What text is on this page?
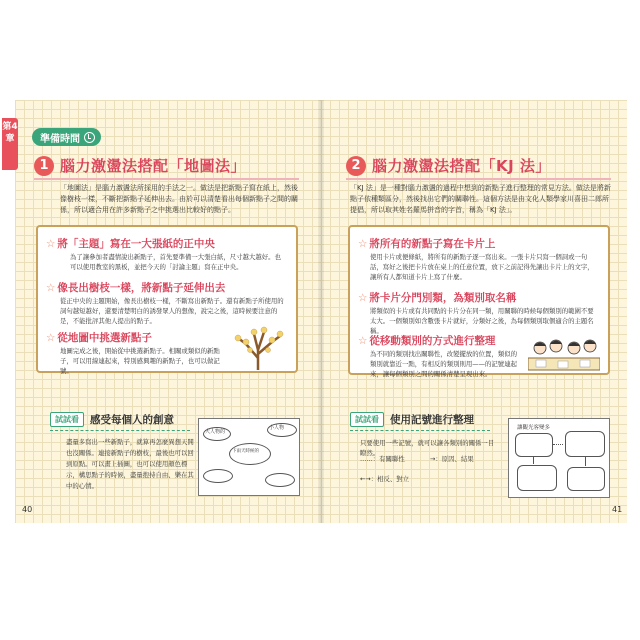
第4章	準備時間
1 腦力激盪法搭配「地圖法」
「地圖法」是腦力激盪法所採用的手法之一。做法是把新點子寫在紙上，然後像樹枝一樣，不斷把新點子延伸出去。由於可以清楚看出每個新點子之間的關係，所以適合用在許多新點子之中挑選出比較好的點子。
☆ 將「主題」寫在一大張紙的正中央
為了讓參加者盡情說出新點子，首先要準備一大張白紙，尺寸越大越好。也可以使用教室的黑板，並把今天的「討論主題」寫在正中央。
☆ 像長出樹枝一樣，將新點子延伸出去
從正中央的主題開始，像長出樹枝一樣，不斷寫出新點子。還有新點子所使用的詞句越短越好，還要清楚明白的誘發眾人的想像，說完之後，這時候要注意的是，不能批評其他人提出的點子。
☆ 從地圖中挑選新點子
地圖完成之後，開始從中挑選新點子。相關或類似的新點子，可以用線連起來，特別感興趣的新點子，也可以做記號。
試試看	感受每個人的創意
盡量多寫出一些新點子，就算再怎麼異想天開也沒關係。連接新點子的樹枝，最後也可以回到原點。可以畫上插圖，也可以使用顏色標示，構思點子的時候，盡量抱持自由、樂在其中的心情。
大人物的
小人物
下雨天時候的
40
2 腦力激盪法搭配「KJ 法」
「KJ 法」是一種對腦力激盪的過程中想到的新點子進行整理的常見方法。做法是將新點子依種類區分，然後找出它們的關聯性。這個方法是由文化人類學家川喜田二郎所提倡，所以取其姓名羅馬拼音的字首，稱為「KJ 法」。
☆ 將所有的新點子寫在卡片上
使用卡片或便條紙，將所有的新點子逐一寫出來。一張卡片只寫一個詞或一句話，寫好之後把卡片放在桌上的任意位置，放下之前記得先讓出卡片上的文字，讓所有人都知道卡片上寫了什麼。
☆ 將卡片分門別類，為類別取名稱
將類似的卡片或有共同點的卡片分在同一類，用關聯的時候每個類別的範圍不要太大。一個類別如含數張卡片就好，分類好之後，為每個類別取個適合的主題名稱。
☆ 從移動類別的方式進行整理
為不同的類別找出關聯性，改變擺放的位置，類似的類別就靠近一點，有相反的類別則用——的記號連起來，讓每個類別之間的關係清楚呈現出來。
試試看	使用記號進行整理
只要使用一些記號，就可以讓各類別的關係一目瞭然。
……：有關聯性	→：原因、結果
←→：相反、對立
讓觀光客變多
41
